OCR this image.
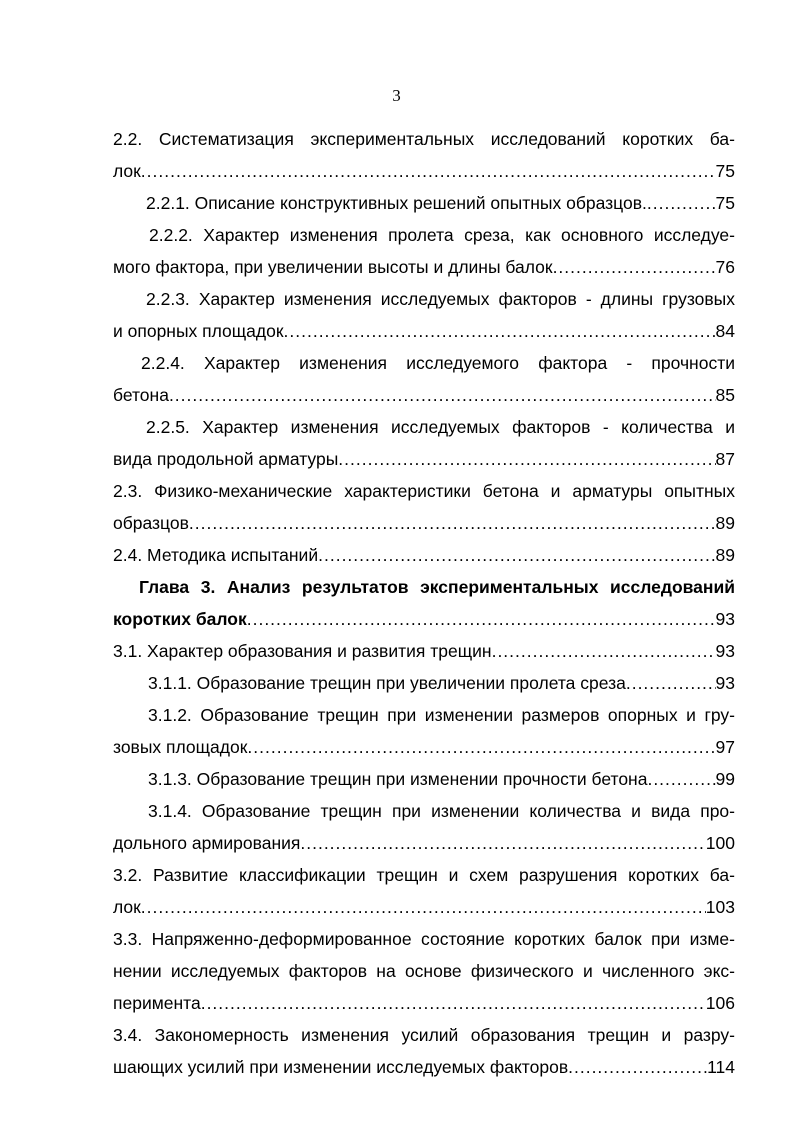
3
2.2. Систематизация экспериментальных исследований коротких ба-
лок .....	75
2.2.1. Описание конструктивных решений опытных образцов. .....	75
2.2.2. Характер изменения пролета среза, как основного исследуе-
мого фактора, при увеличении высоты и длины балок .....	76
2.2.3. Характер изменения исследуемых факторов - длины грузовых
и опорных площадок .....	84
2.2.4. Характер изменения исследуемого фактора - прочности
бетона .....	85
2.2.5. Характер изменения исследуемых факторов - количества и
вида продольной арматуры .....	87
2.3. Физико-механические характеристики бетона и арматуры опытных
образцов .....	89
2.4. Методика испытаний .....	89
Глава 3. Анализ результатов экспериментальных исследований
коротких балок .....	93
3.1. Характер образования и развития трещин .....	93
3.1.1. Образование трещин при увеличении пролета среза .....	93
3.1.2. Образование трещин при изменении размеров опорных и гру-
зовых площадок .....	97
3.1.3. Образование трещин при изменении прочности бетона .....	99
3.1.4. Образование трещин при изменении количества и вида про-
дольного армирования .....	100
3.2. Развитие классификации трещин и схем разрушения коротких ба-
лок .....	103
3.3. Напряженно-деформированное состояние коротких балок при изме-
нении исследуемых факторов на основе физического и численного экс-
перимента .....	106
3.4. Закономерность изменения усилий образования трещин и разру-
шающих усилий при изменении исследуемых факторов .....	114
